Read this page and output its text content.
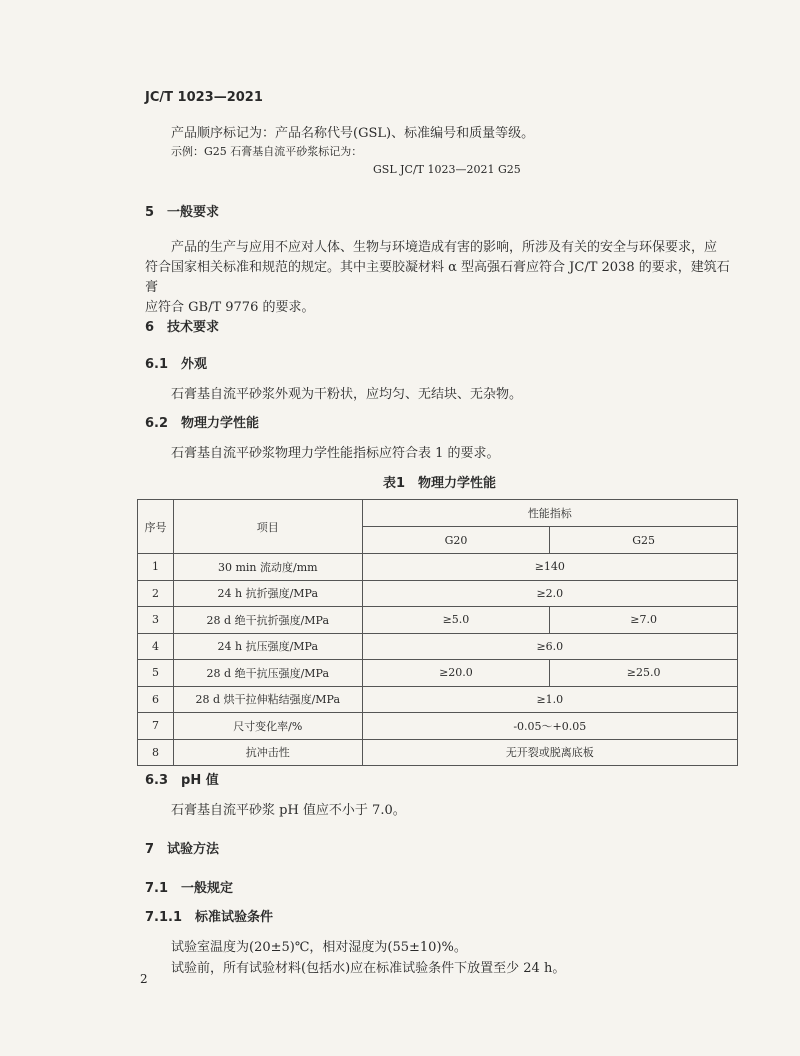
JC/T 1023—2021
产品顺序标记为：产品名称代号(GSL)、标准编号和质量等级。
示例：G25 石膏基自流平砂浆标记为：
GSL JC/T 1023—2021 G25
5　一般要求
产品的生产与应用不应对人体、生物与环境造成有害的影响，所涉及有关的安全与环保要求，应
符合国家相关标准和规范的规定。其中主要胶凝材料 α 型高强石膏应符合 JC/T 2038 的要求，建筑石膏
应符合 GB/T 9776 的要求。
6　技术要求
6.1　外观
石膏基自流平砂浆外观为干粉状，应均匀、无结块、无杂物。
6.2　物理力学性能
石膏基自流平砂浆物理力学性能指标应符合表 1 的要求。
表1　物理力学性能
序号	项目	性能指标	
		G20	G25
1	30 min 流动度/mm	≥140	
2	24 h 抗折强度/MPa	≥2.0	
3	28 d 绝干抗折强度/MPa	≥5.0	≥7.0
4	24 h 抗压强度/MPa	≥6.0	
5	28 d 绝干抗压强度/MPa	≥20.0	≥25.0
6	28 d 烘干拉伸粘结强度/MPa	≥1.0	
7	尺寸变化率/%	-0.05～+0.05	
8	抗冲击性	无开裂或脱离底板	
6.3　pH 值
石膏基自流平砂浆 pH 值应不小于 7.0。
7　试验方法
7.1　一般规定
7.1.1　标准试验条件
试验室温度为(20±5)℃，相对湿度为(55±10)%。
试验前，所有试验材料(包括水)应在标准试验条件下放置至少 24 h。
2
